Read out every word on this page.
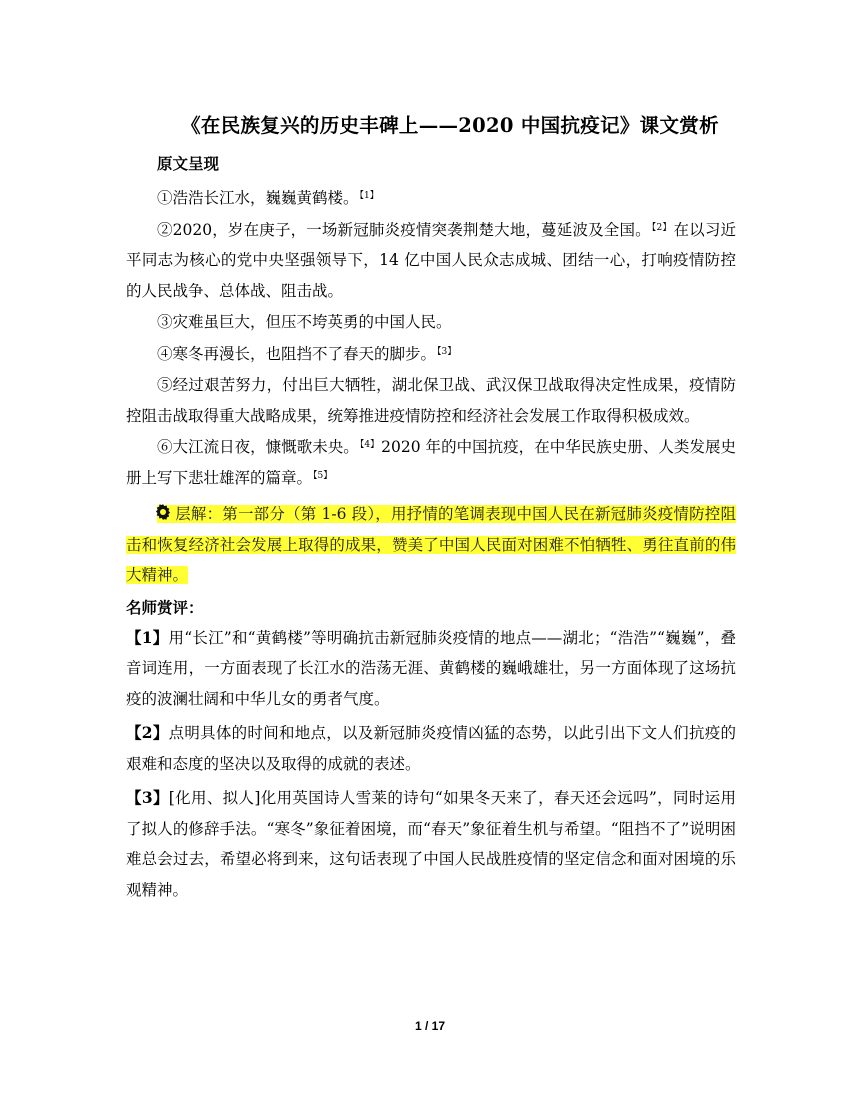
《在民族复兴的历史丰碑上——2020 中国抗疫记》课文赏析
原文呈现
①浩浩长江水，巍巍黄鹤楼。$^{【1】}$
②2020，岁在庚子，一场新冠肺炎疫情突袭荆楚大地，蔓延波及全国。$^{【2】}$ 在以习近平同志为核心的党中央坚强领导下，14 亿中国人民众志成城、团结一心，打响疫情防控的人民战争、总体战、阻击战。
③灾难虽巨大，但压不垮英勇的中国人民。
④寒冬再漫长，也阻挡不了春天的脚步。$^{【3】}$
⑤经过艰苦努力，付出巨大牺牲，湖北保卫战、武汉保卫战取得决定性成果，疫情防控阻击战取得重大战略成果，统筹推进疫情防控和经济社会发展工作取得积极成效。
⑥大江流日夜，慷慨歌未央。$^{【4】}$ 2020 年的中国抗疫，在中华民族史册、人类发展史册上写下悲壮雄浑的篇章。$^{【5】}$
层解：第一部分（第 1-6 段），用抒情的笔调表现中国人民在新冠肺炎疫情防控阻击和恢复经济社会发展上取得的成果，赞美了中国人民面对困难不怕牺牲、勇往直前的伟大精神。
名师赏评：
【1】用“长江”和“黄鹤楼”等明确抗击新冠肺炎疫情的地点——湖北；“浩浩”“巍巍”，叠音词连用，一方面表现了长江水的浩荡无涯、黄鹤楼的巍峨雄壮，另一方面体现了这场抗疫的波澜壮阔和中华儿女的勇者气度。
【2】点明具体的时间和地点，以及新冠肺炎疫情凶猛的态势，以此引出下文人们抗疫的艰难和态度的坚决以及取得的成就的表述。
【3】[化用、拟人]化用英国诗人雪莱的诗句“如果冬天来了，春天还会远吗”，同时运用了拟人的修辞手法。“寒冬”象征着困境，而“春天”象征着生机与希望。“阻挡不了”说明困难总会过去，希望必将到来，这句话表现了中国人民战胜疫情的坚定信念和面对困境的乐观精神。
1 / 17
